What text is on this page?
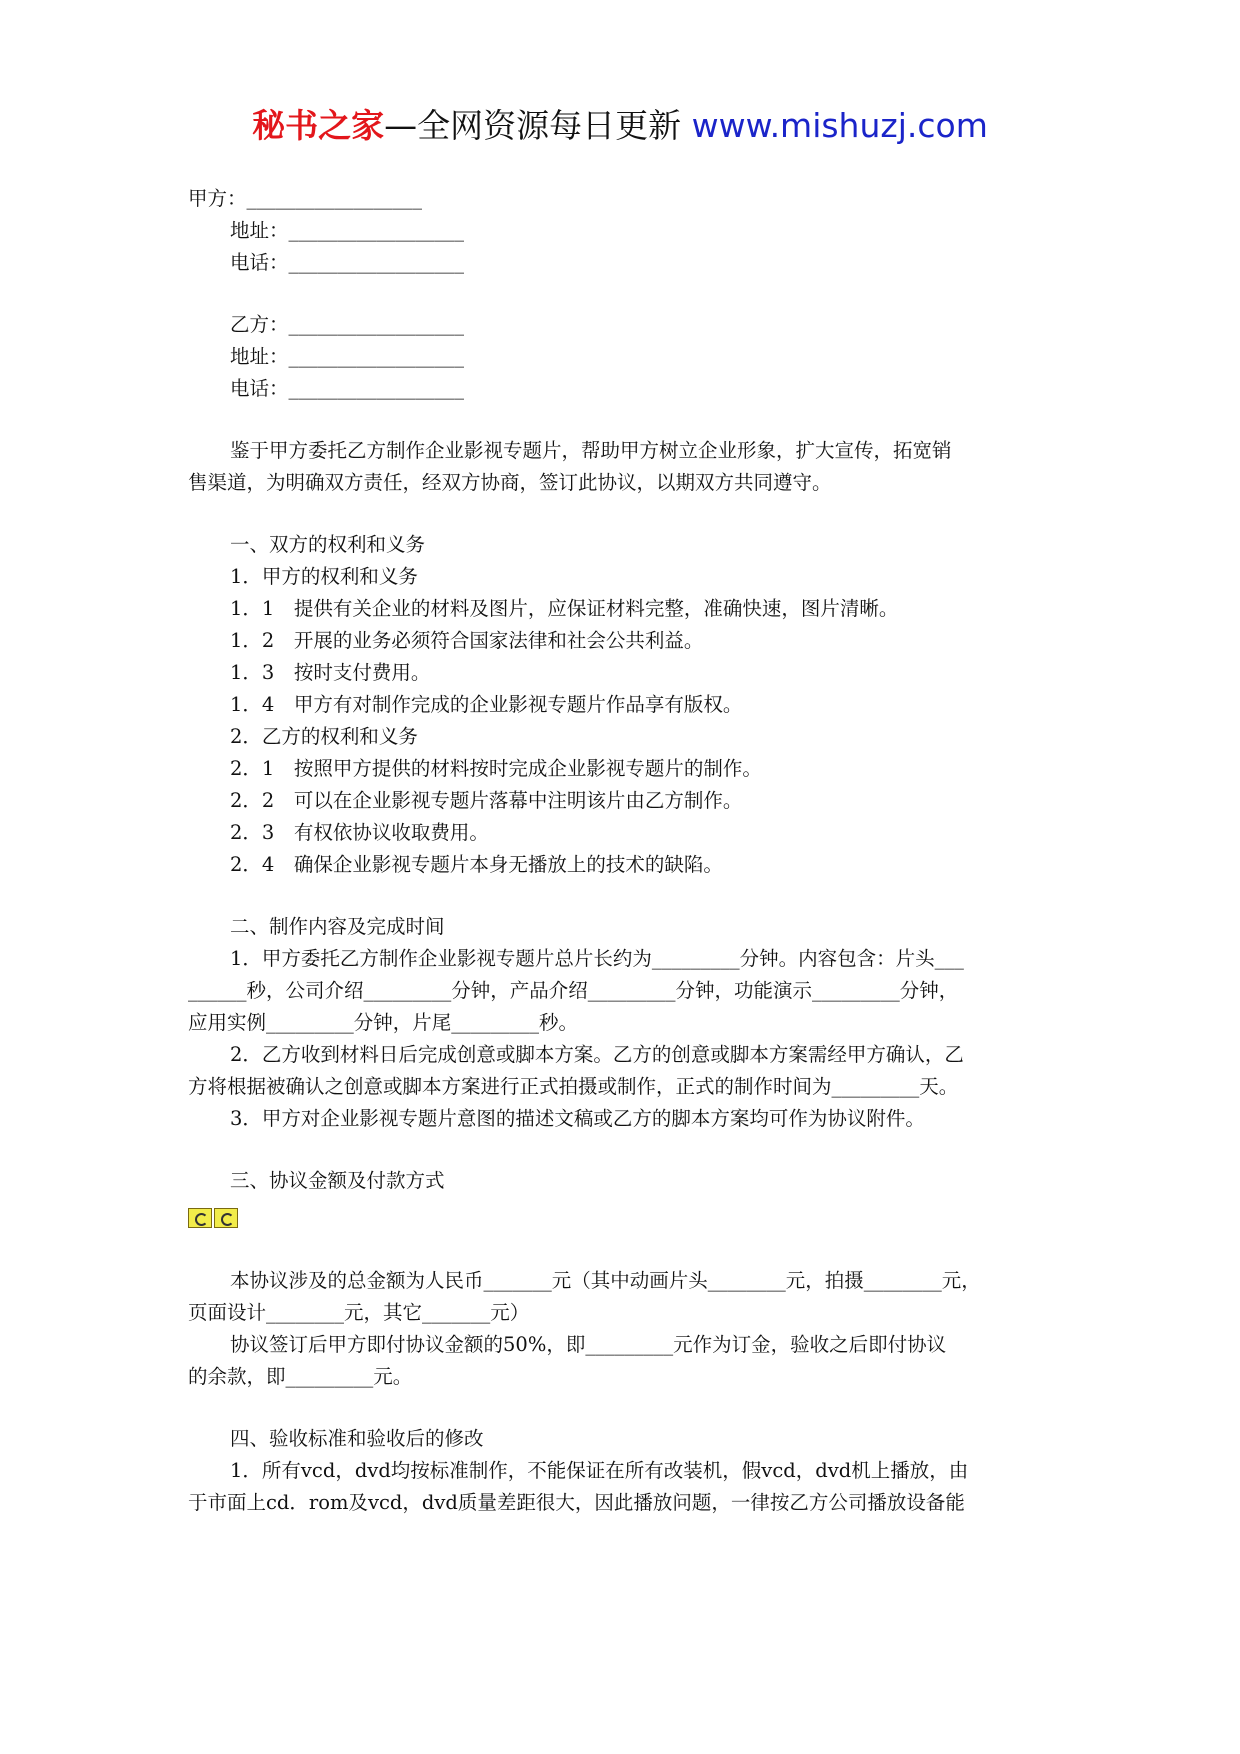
秘书之家—全网资源每日更新 www.mishuzj.com

甲方：__________________

地址：__________________

电话：__________________

乙方：__________________

地址：__________________

电话：__________________

鉴于甲方委托乙方制作企业影视专题片，帮助甲方树立企业形象，扩大宣传，拓宽销

售渠道，为明确双方责任，经双方协商，签订此协议，以期双方共同遵守。

一、双方的权利和义务

1．甲方的权利和义务

1．1　提供有关企业的材料及图片，应保证材料完整，准确快速，图片清晰。

1．2　开展的业务必须符合国家法律和社会公共利益。

1．3　按时支付费用。

1．4　甲方有对制作完成的企业影视专题片作品享有版权。

2．乙方的权利和义务

2．1　按照甲方提供的材料按时完成企业影视专题片的制作。

2．2　可以在企业影视专题片落幕中注明该片由乙方制作。

2．3　有权依协议收取费用。

2．4　确保企业影视专题片本身无播放上的技术的缺陷。

二、制作内容及完成时间

1．甲方委托乙方制作企业影视专题片总片长约为_________分钟。内容包含：片头___

______秒，公司介绍_________分钟，产品介绍_________分钟，功能演示_________分钟，

应用实例_________分钟，片尾_________秒。

2．乙方收到材料日后完成创意或脚本方案。乙方的创意或脚本方案需经甲方确认，乙

方将根据被确认之创意或脚本方案进行正式拍摄或制作，正式的制作时间为_________天。

3．甲方对企业影视专题片意图的描述文稿或乙方的脚本方案均可作为协议附件。

三、协议金额及付款方式

本协议涉及的总金额为人民币_______元（其中动画片头________元，拍摄________元，

页面设计________元，其它_______元）

协议签订后甲方即付协议金额的50%，即_________元作为订金，验收之后即付协议

的余款，即_________元。

四、验收标准和验收后的修改

1．所有vcd，dvd均按标准制作，不能保证在所有改装机，假vcd，dvd机上播放，由

于市面上cd．rom及vcd，dvd质量差距很大，因此播放问题，一律按乙方公司播放设备能
